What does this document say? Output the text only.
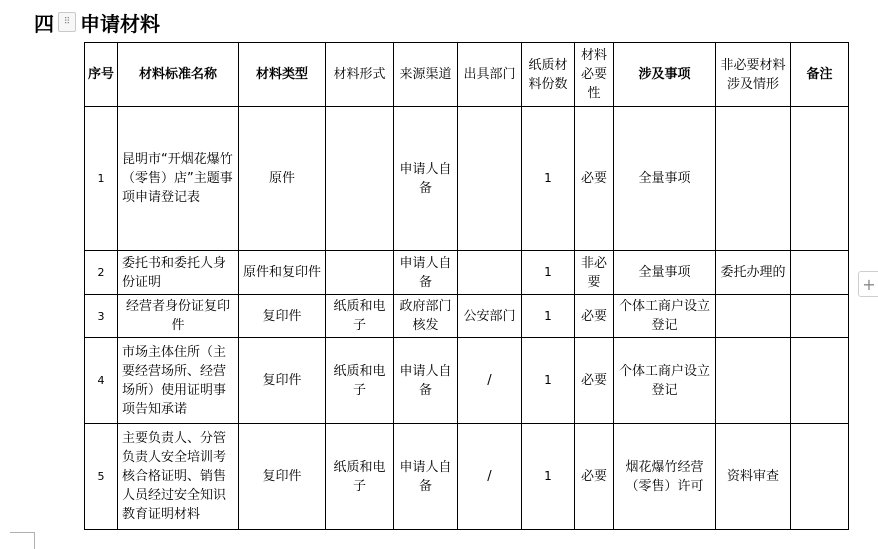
四	⠿ 申请材料
序号	材料标准名称	材料类型	材料形式	来源渠道	出具部门	纸质材料份数	材料必要性	涉及事项	非必要材料涉及情形	备注
1	昆明市“开烟花爆竹（零售）店”主题事项申请登记表	原件		申请人自备		1	必要	全量事项		
2	委托书和委托人身份证明	原件和复印件		申请人自备		1	非必要	全量事项	委托办理的	
3	经营者身份证复印件	复印件	纸质和电子	政府部门核发	公安部门	1	必要	个体工商户设立登记		
4	市场主体住所（主要经营场所、经营场所）使用证明事项告知承诺	复印件	纸质和电子	申请人自备	/	1	必要	个体工商户设立登记		
5	主要负责人、分管负责人安全培训考核合格证明、销售人员经过安全知识教育证明材料	复印件	纸质和电子	申请人自备	/	1	必要	烟花爆竹经营（零售）许可	资料审查	
+
